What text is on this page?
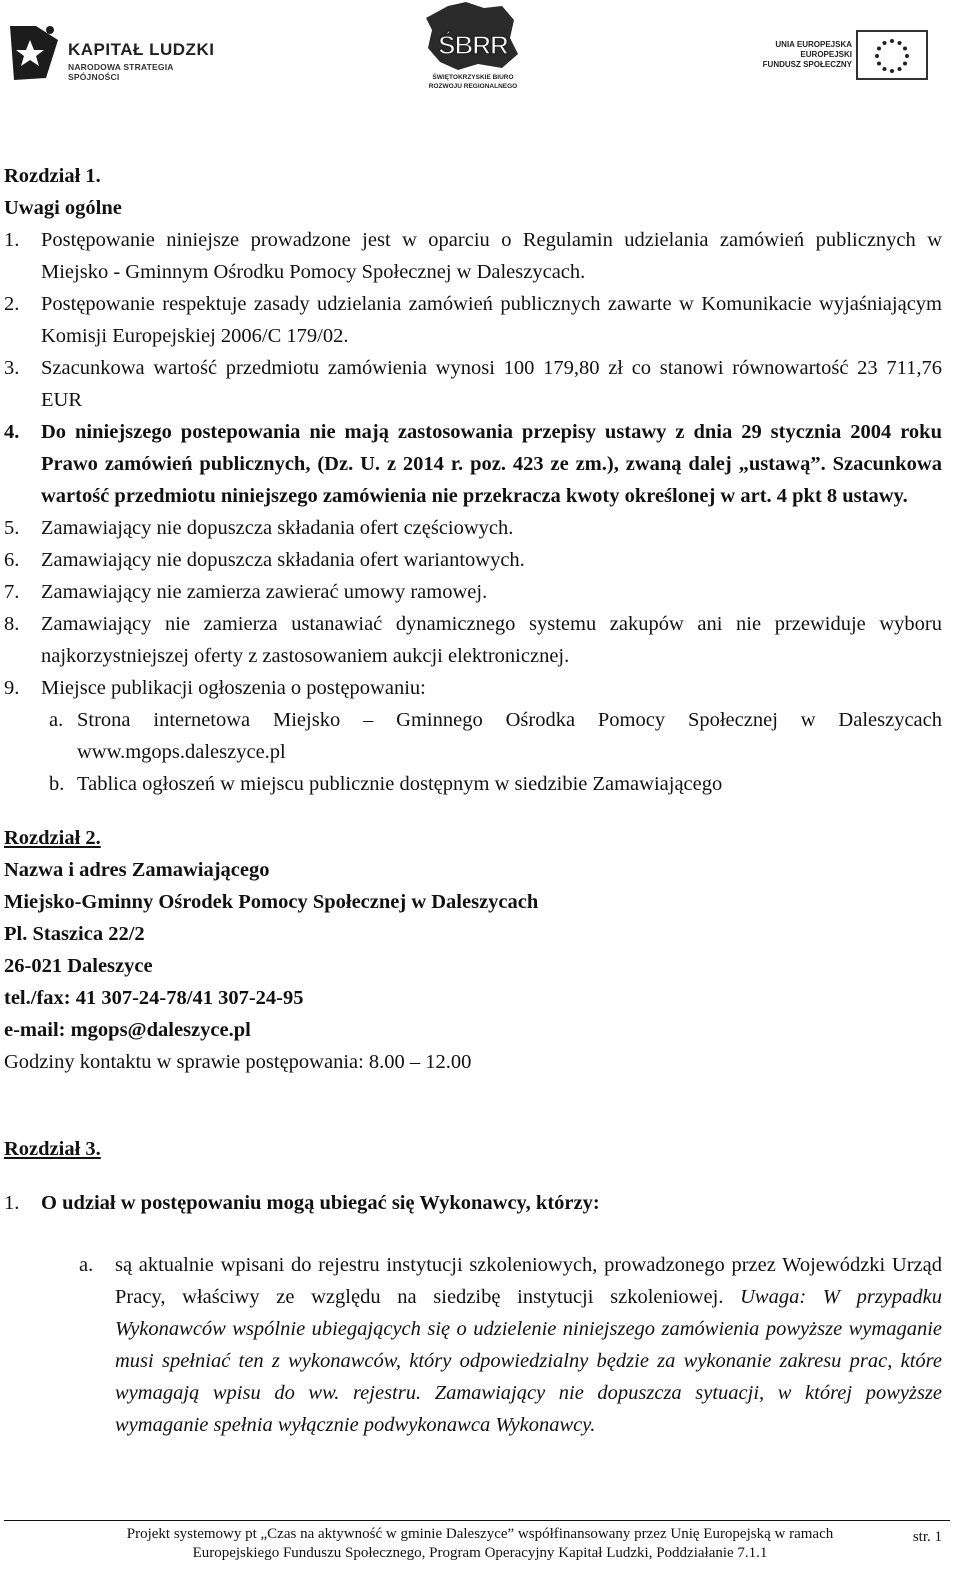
KAPITAŁ LUDZKI
NARODOWA STRATEGIA SPÓJNOŚCI
ŚBRR
ŚWIĘTOKRZYSKIE BIURO
ROZWOJU REGIONALNEGO
UNIA EUROPEJSKA
EUROPEJSKI
FUNDUSZ SPOŁECZNY
Rozdział 1.
Uwagi ogólne
1. Postępowanie niniejsze prowadzone jest w oparciu o Regulamin udzielania zamówień publicznych w Miejsko - Gminnym Ośrodku Pomocy Społecznej w Daleszycach.
2. Postępowanie respektuje zasady udzielania zamówień publicznych zawarte w Komunikacie wyjaśniającym Komisji Europejskiej 2006/C 179/02.
3. Szacunkowa wartość przedmiotu zamówienia wynosi 100 179,80 zł co stanowi równowartość 23 711,76 EUR
4. Do niniejszego postepowania nie mają zastosowania przepisy ustawy z dnia 29 stycznia 2004 roku Prawo zamówień publicznych, (Dz. U. z 2014 r. poz. 423 ze zm.), zwaną dalej „ustawą”. Szacunkowa wartość przedmiotu niniejszego zamówienia nie przekracza kwoty określonej w art. 4 pkt 8 ustawy.
5. Zamawiający nie dopuszcza składania ofert częściowych.
6. Zamawiający nie dopuszcza składania ofert wariantowych.
7. Zamawiający nie zamierza zawierać umowy ramowej.
8. Zamawiający nie zamierza ustanawiać dynamicznego systemu zakupów ani nie przewiduje wyboru najkorzystniejszej oferty z zastosowaniem aukcji elektronicznej.
9. Miejsce publikacji ogłoszenia o postępowaniu:
a. Strona internetowa Miejsko – Gminnego Ośrodka Pomocy Społecznej w Daleszycach www.mgops.daleszyce.pl
b. Tablica ogłoszeń w miejscu publicznie dostępnym w siedzibie Zamawiającego
Rozdział 2.
Nazwa i adres Zamawiającego
Miejsko-Gminny Ośrodek Pomocy Społecznej w Daleszycach
Pl. Staszica 22/2
26-021 Daleszyce
tel./fax: 41 307-24-78/41 307-24-95
e-mail: mgops@daleszyce.pl
Godziny kontaktu w sprawie postępowania: 8.00 – 12.00
Rozdział 3.
1. O udział w postępowaniu mogą ubiegać się Wykonawcy, którzy:
a. są aktualnie wpisani do rejestru instytucji szkoleniowych, prowadzonego przez Wojewódzki Urząd Pracy, właściwy ze względu na siedzibę instytucji szkoleniowej. Uwaga: W przypadku Wykonawców wspólnie ubiegających się o udzielenie niniejszego zamówienia powyższe wymaganie musi spełniać ten z wykonawców, który odpowiedzialny będzie za wykonanie zakresu prac, które wymagają wpisu do ww. rejestru. Zamawiający nie dopuszcza sytuacji, w której powyższe wymaganie spełnia wyłącznie podwykonawca Wykonawcy.
Projekt systemowy pt „Czas na aktywność w gminie Daleszyce” współfinansowany przez Unię Europejską w ramach
Europejskiego Funduszu Społecznego, Program Operacyjny Kapitał Ludzki, Poddziałanie 7.1.1
str. 1
